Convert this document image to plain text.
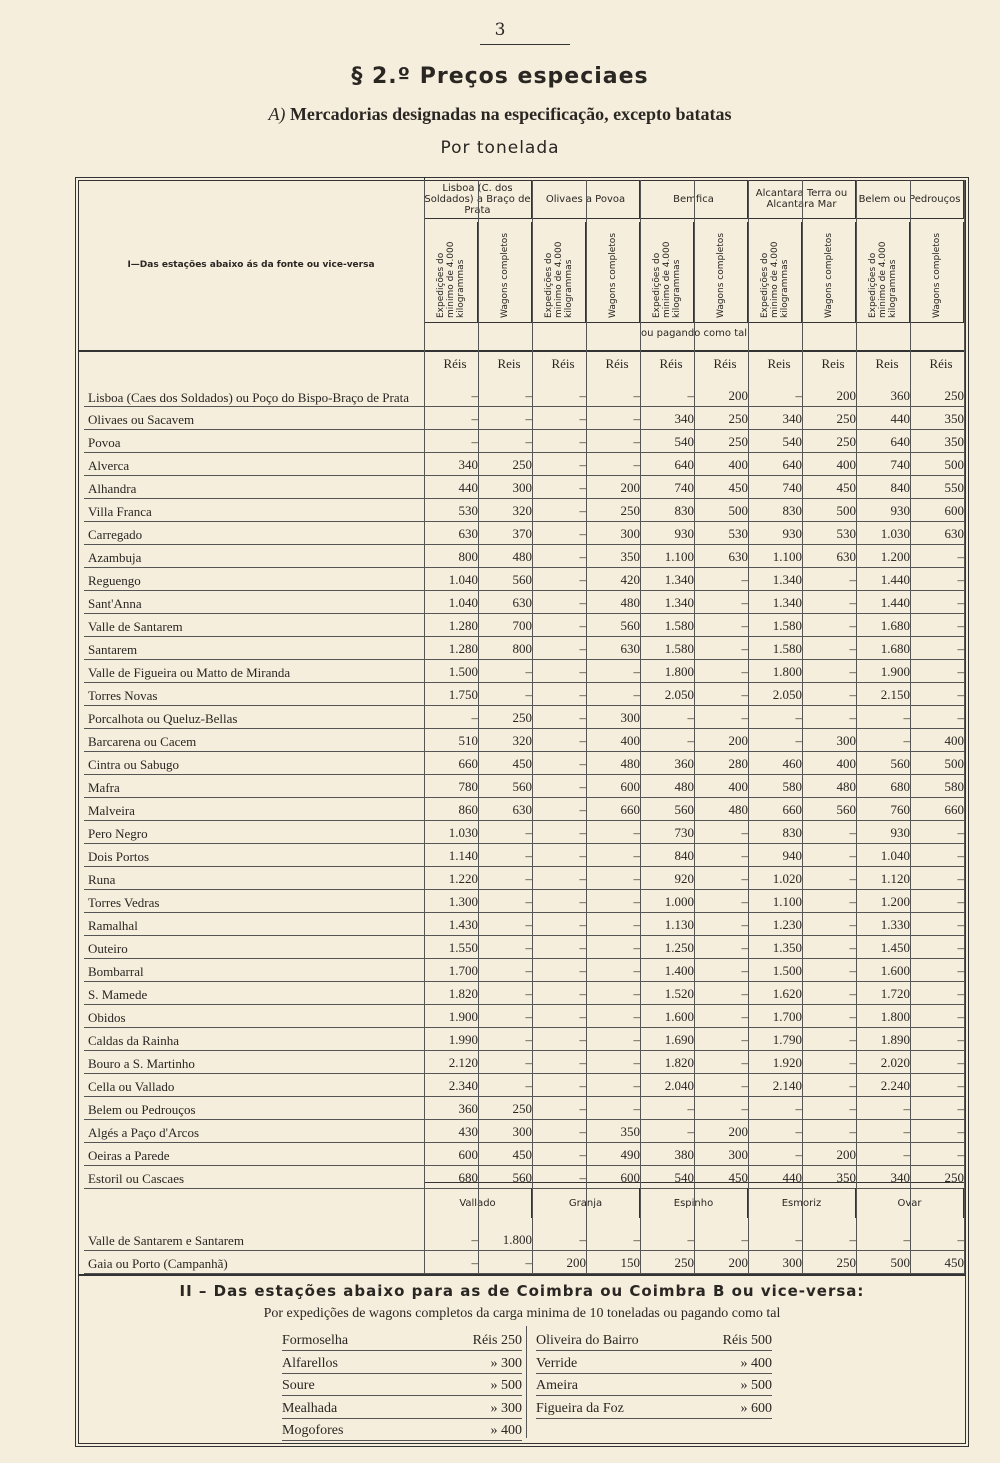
3
§ 2.º Preços especiaes
A) Mercadorias designadas na especificação, excepto batatas
Por tonelada
I—Das estações abaixo ás da fonte ou vice-versa
Lisboa (C. dos Soldados) a Braço de Prata
Olivaes a Povoa	Bemfica	Alcantara Terra ou Alcantara Mar	Belem ou Pedrouços
Expedições do minimo de 4.000 kilogrammas	Wagons completos	Expedições do minimo de 4.000 kilogrammas	Wagons completos	Expedições do minimo de 4.000 kilogrammas	Wagons completos	Expedições do minimo de 4.000 kilogrammas	Wagons completos	Expedições do minimo de 4.000 kilogrammas	Wagons completos
ou pagando como tal
Réis	Reis	Réis	Réis	Réis	Réis	Reis	Reis	Reis	Réis
Lisboa (Caes dos Soldados) ou Poço do Bispo-Braço de Prata	–	–	–	–	–	200	–	200	360	250
Olivaes ou Sacavem	–	–	–	–	340	250	340	250	440	350
Povoa	–	–	–	–	540	250	540	250	640	350
Alverca	340	250	–	–	640	400	640	400	740	500
Alhandra	440	300	–	200	740	450	740	450	840	550
Villa Franca	530	320	–	250	830	500	830	500	930	600
Carregado	630	370	–	300	930	530	930	530	1.030	630
Azambuja	800	480	–	350	1.100	630	1.100	630	1.200	–
Reguengo	1.040	560	–	420	1.340	–	1.340	–	1.440	–
Sant'Anna	1.040	630	–	480	1.340	–	1.340	–	1.440	–
Valle de Santarem	1.280	700	–	560	1.580	–	1.580	–	1.680	–
Santarem	1.280	800	–	630	1.580	–	1.580	–	1.680	–
Valle de Figueira ou Matto de Miranda	1.500	–	–	–	1.800	–	1.800	–	1.900	–
Torres Novas	1.750	–	–	–	2.050	–	2.050	–	2.150	–
Porcalhota ou Queluz-Bellas	–	250	–	300	–	–	–	–	–	–
Barcarena ou Cacem	510	320	–	400	–	200	–	300	–	400
Cintra ou Sabugo	660	450	–	480	360	280	460	400	560	500
Mafra	780	560	–	600	480	400	580	480	680	580
Malveira	860	630	–	660	560	480	660	560	760	660
Pero Negro	1.030	–	–	–	730	–	830	–	930	–
Dois Portos	1.140	–	–	–	840	–	940	–	1.040	–
Runa	1.220	–	–	–	920	–	1.020	–	1.120	–
Torres Vedras	1.300	–	–	–	1.000	–	1.100	–	1.200	–
Ramalhal	1.430	–	–	–	1.130	–	1.230	–	1.330	–
Outeiro	1.550	–	–	–	1.250	–	1.350	–	1.450	–
Bombarral	1.700	–	–	–	1.400	–	1.500	–	1.600	–
S. Mamede	1.820	–	–	–	1.520	–	1.620	–	1.720	–
Obidos	1.900	–	–	–	1.600	–	1.700	–	1.800	–
Caldas da Rainha	1.990	–	–	–	1.690	–	1.790	–	1.890	–
Bouro a S. Martinho	2.120	–	–	–	1.820	–	1.920	–	2.020	–
Cella ou Vallado	2.340	–	–	–	2.040	–	2.140	–	2.240	–
Belem ou Pedrouços	360	250	–	–	–	–	–	–	–	–
Algés a Paço d'Arcos	430	300	–	350	–	200	–	–	–	–
Oeiras a Parede	600	450	–	490	380	300	–	200	–	–
Estoril ou Cascaes	680	560	–	600	540	450	440	350	340	250
Vallado	Granja	Espinho	Esmoriz	Ovar
Valle de Santarem e Santarem	–	1.800	–	–	–	–	–	–	–	–
Gaia ou Porto (Campanhã)	–	–	200	150	250	200	300	250	500	450
II – Das estações abaixo para as de Coimbra ou Coimbra B ou vice-versa:
Por expedições de wagons completos da carga minima de 10 toneladas ou pagando como tal
Formoselha	Réis 250
Alfarellos	» 300
Soure	» 500
Mealhada	» 300
Mogofores	» 400
Oliveira do Bairro	Réis 500
Verride	» 400
Ameira	» 500
Figueira da Foz	» 600
